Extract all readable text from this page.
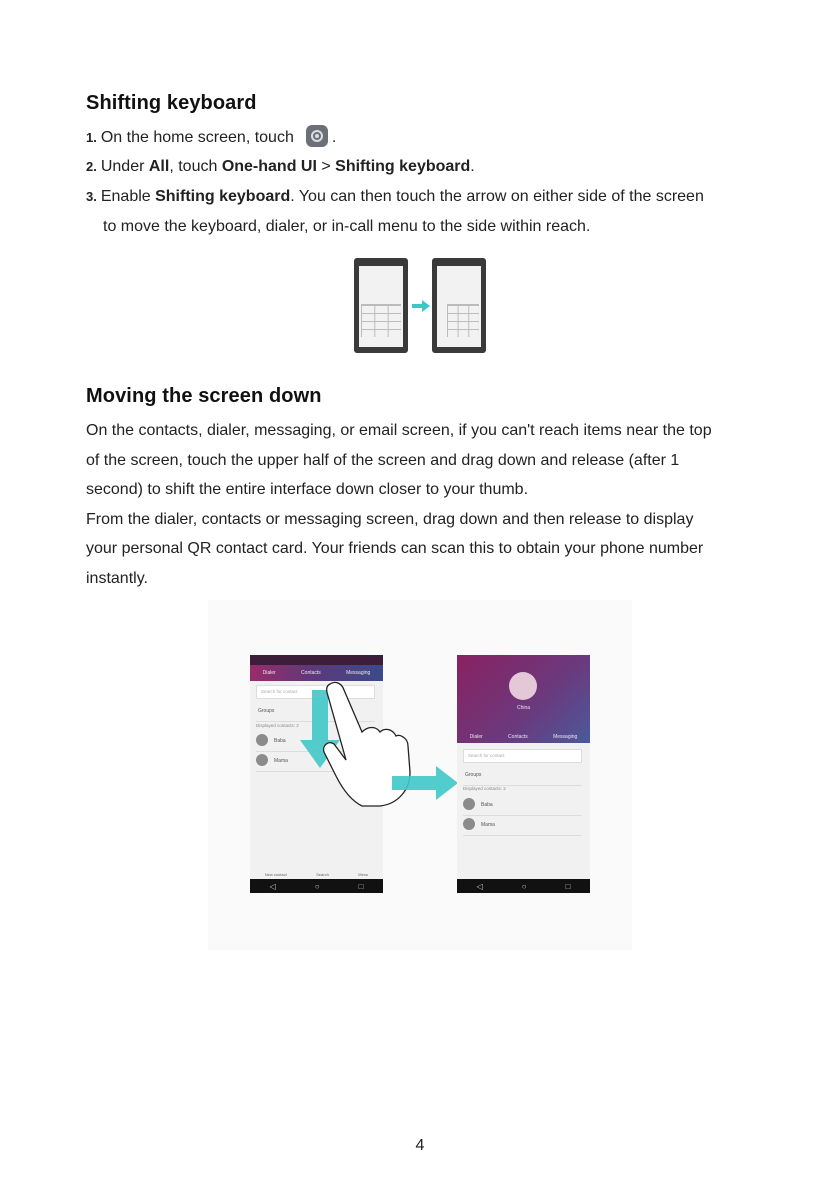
Shifting keyboard
1. On the home screen, touch .
2. Under All, touch One-hand UI > Shifting keyboard.
3. Enable Shifting keyboard. You can then touch the arrow on either side of the screen
to move the keyboard, dialer, or in-call menu to the side within reach.
Moving the screen down
On the contacts, dialer, messaging, or email screen, if you can't reach items near the top
of the screen, touch the upper half of the screen and drag down and release (after 1
second) to shift the entire interface down closer to your thumb.
From the dialer, contacts or messaging screen, drag down and then release to display
your personal QR contact card. Your friends can scan this to obtain your phone number
instantly.
Dialer	Contacts	Messaging
Search for contact
Groups
Displayed contacts: 2
Baba
Mama
New contact	Search	Menu
◁	○	□
China
Dialer	Contacts	Messaging
Search for contact
Groups
Displayed contacts: 2
Baba
Mama
◁	○	□
4
